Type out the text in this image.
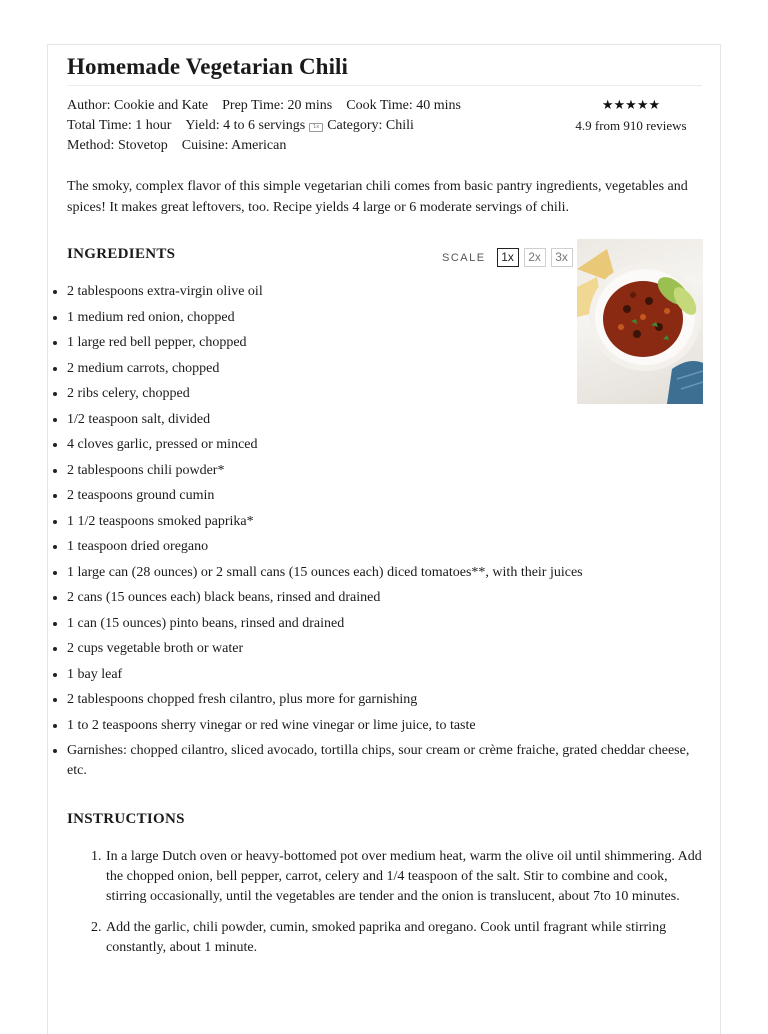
Homemade Vegetarian Chili
Author: Cookie and Kate Prep Time: 20 mins Cook Time: 40 mins
Total Time: 1 hour Yield: 4 to 6 servings 1x Category: Chili
Method: Stovetop Cuisine: American
★★★★★
4.9 from 910 reviews

The smoky, complex flavor of this simple vegetarian chili comes from basic pantry ingredients, vegetables and spices! It makes great leftovers, too. Recipe yields 4 large or 6 moderate servings of chili.

INGREDIENTS	SCALE	1x	2x	3x
2 tablespoons extra-virgin olive oil
1 medium red onion, chopped
1 large red bell pepper, chopped
2 medium carrots, chopped
2 ribs celery, chopped
1/2 teaspoon salt, divided
4 cloves garlic, pressed or minced
2 tablespoons chili powder*
2 teaspoons ground cumin
1 1/2 teaspoons smoked paprika*
1 teaspoon dried oregano
1 large can (28 ounces) or 2 small cans (15 ounces each) diced tomatoes**, with their juices
2 cans (15 ounces each) black beans, rinsed and drained
1 can (15 ounces) pinto beans, rinsed and drained
2 cups vegetable broth or water
1 bay leaf
2 tablespoons chopped fresh cilantro, plus more for garnishing
1 to 2 teaspoons sherry vinegar or red wine vinegar or lime juice, to taste
Garnishes: chopped cilantro, sliced avocado, tortilla chips, sour cream or crème fraiche, grated cheddar cheese, etc.
INSTRUCTIONS
1. In a large Dutch oven or heavy-bottomed pot over medium heat, warm the olive oil until shimmering. Add the chopped onion, bell pepper, carrot, celery and 1/4 teaspoon of the salt. Stir to combine and cook, stirring occasionally, until the vegetables are tender and the onion is translucent, about 7to 10 minutes.
2. Add the garlic, chili powder, cumin, smoked paprika and oregano. Cook until fragrant while stirring constantly, about 1 minute.
